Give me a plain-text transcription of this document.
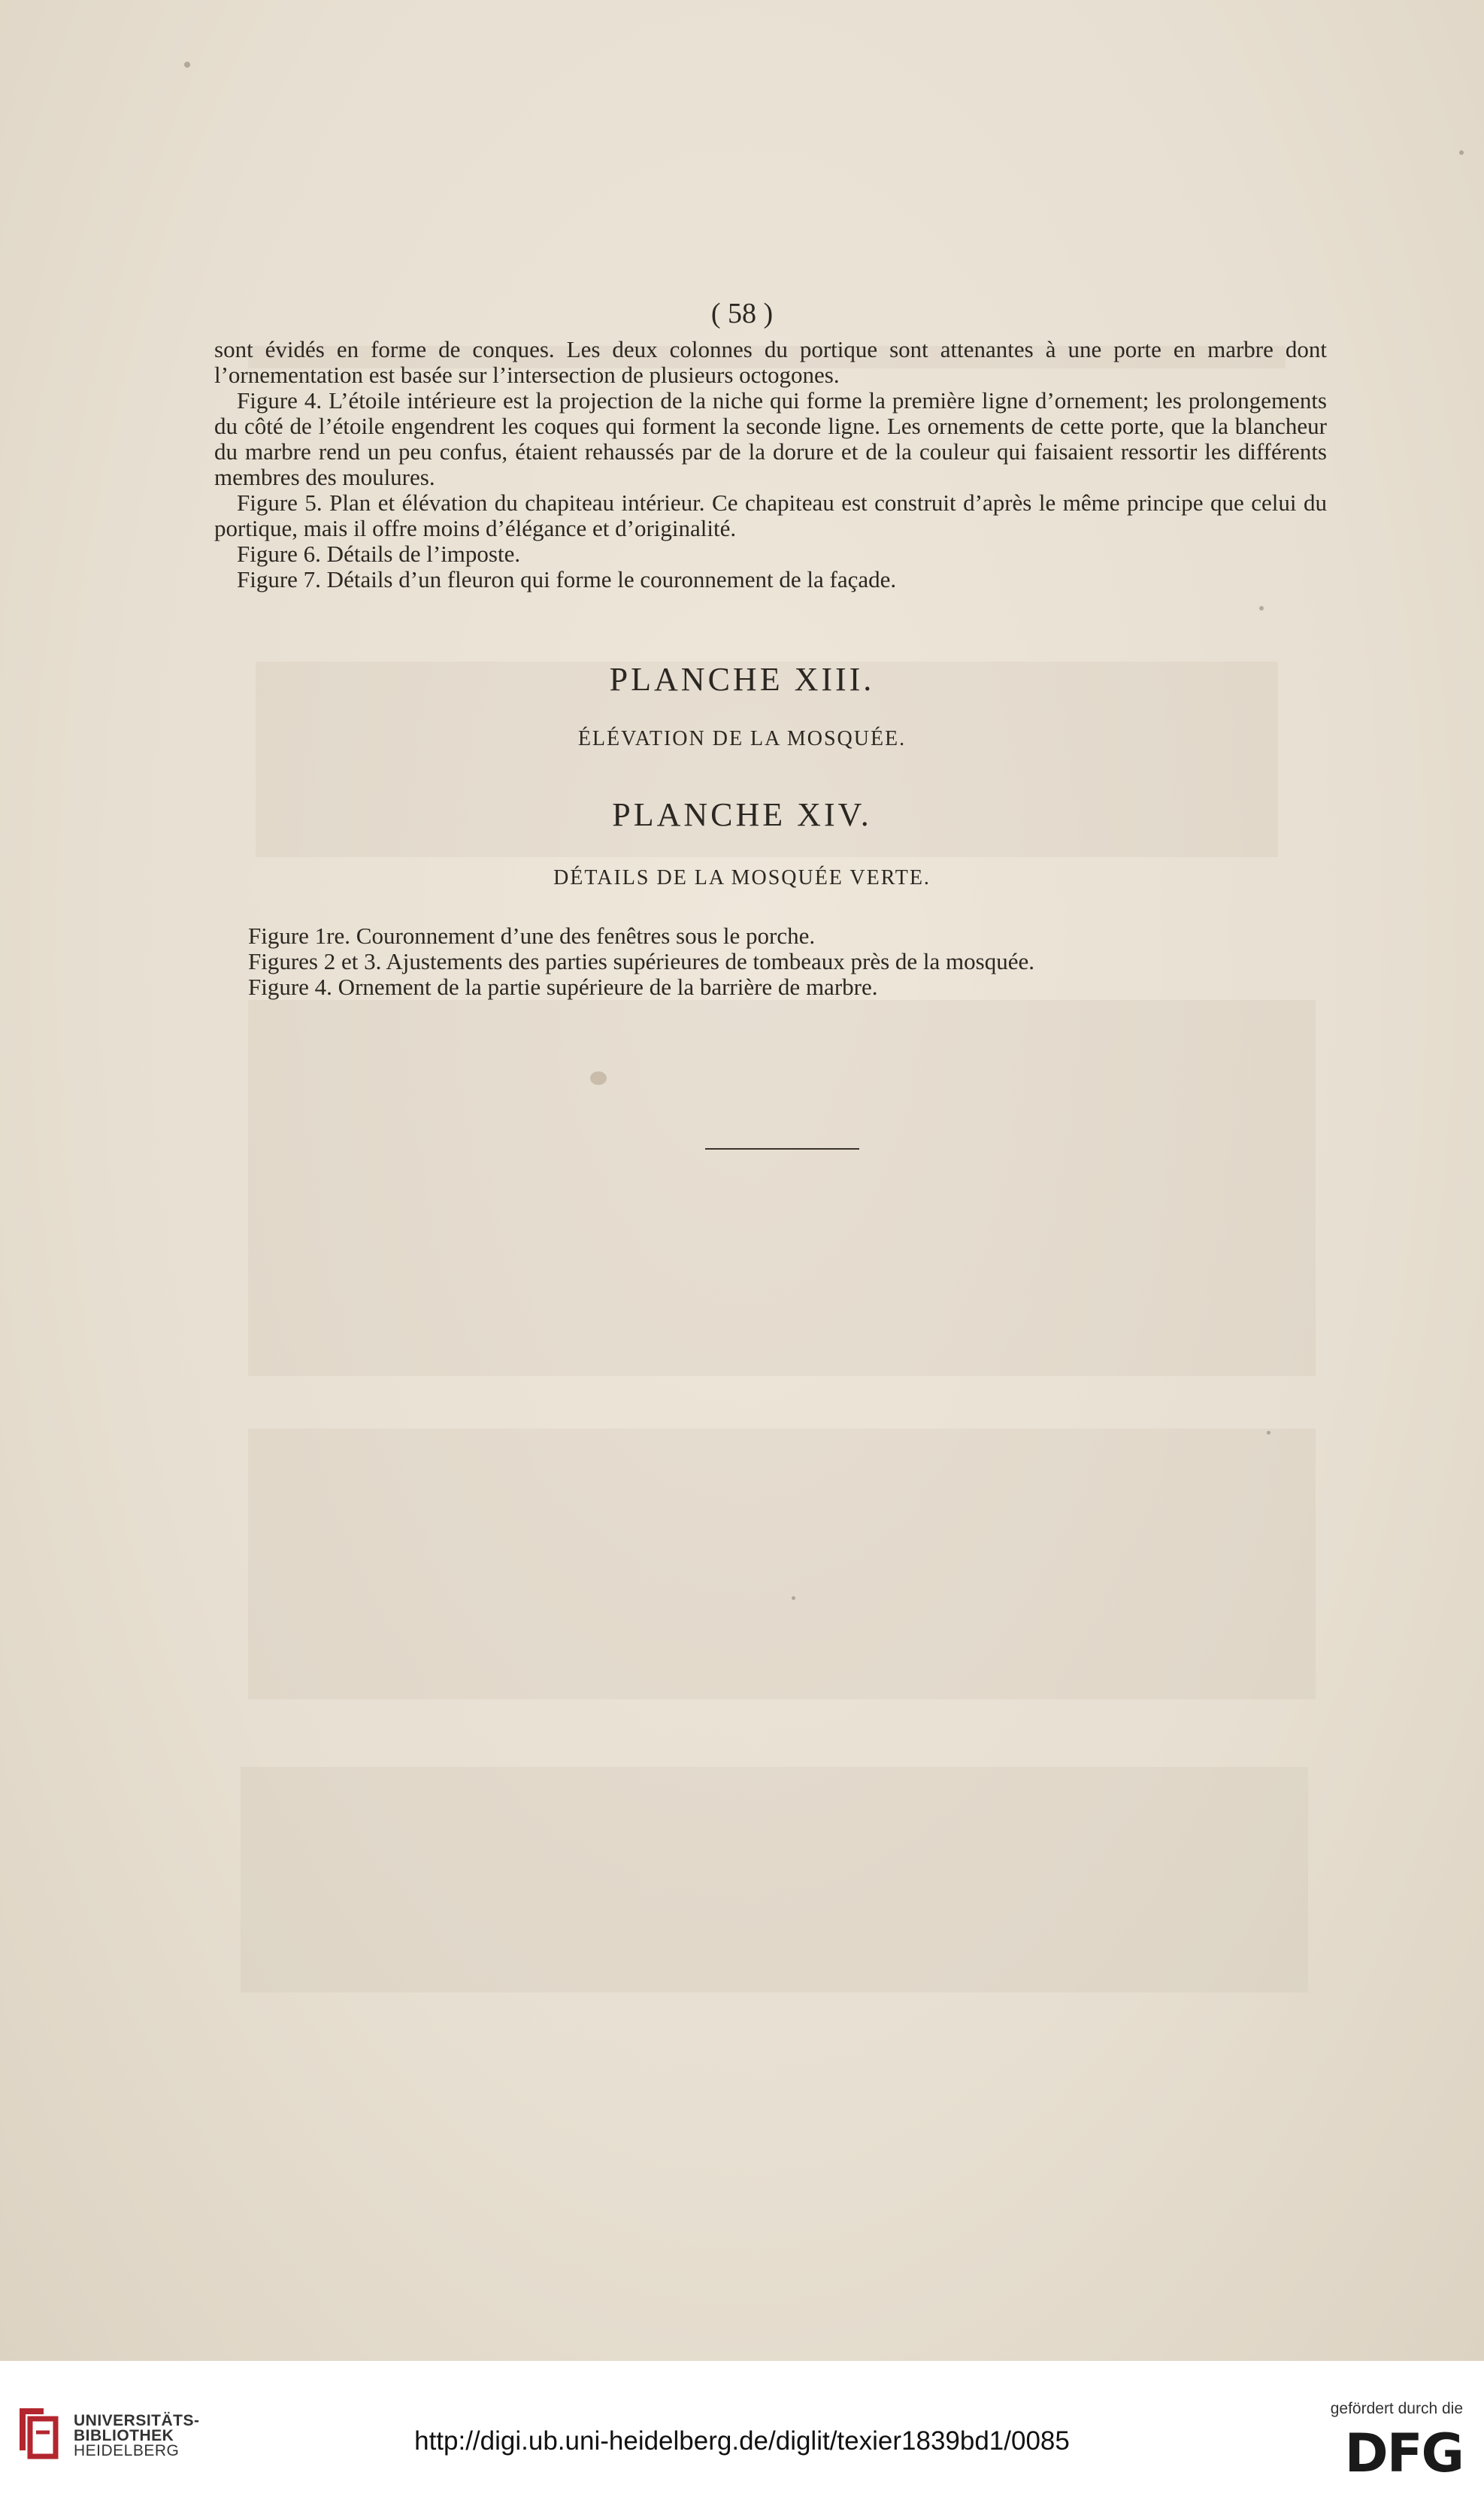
( 58 )

sont évidés en forme de conques. Les deux colonnes du portique sont attenantes à une porte en marbre dont l’ornementation est basée sur l’intersection de plusieurs octogones.

Figure 4. L’étoile intérieure est la projection de la niche qui forme la première ligne d’ornement; les prolongements du côté de l’étoile engendrent les coques qui forment la seconde ligne. Les ornements de cette porte, que la blancheur du marbre rend un peu confus, étaient rehaussés par de la dorure et de la couleur qui faisaient ressortir les différents membres des moulures.

Figure 5. Plan et élévation du chapiteau intérieur. Ce chapiteau est construit d’après le même principe que celui du portique, mais il offre moins d’élégance et d’originalité.

Figure 6. Détails de l’imposte.

Figure 7. Détails d’un fleuron qui forme le couronnement de la façade.

PLANCHE XIII.
ÉLÉVATION DE LA MOSQUÉE.
PLANCHE XIV.
DÉTAILS DE LA MOSQUÉE VERTE.
Figure 1re. Couronnement d’une des fenêtres sous le porche.
Figures 2 et 3. Ajustements des parties supérieures de tombeaux près de la mosquée.
Figure 4. Ornement de la partie supérieure de la barrière de marbre.
UNIVERSITÄTS-
BIBLIOTHEK
HEIDELBERG	http://digi.ub.uni-heidelberg.de/diglit/texier1839bd1/0085
gefördert durch die
DFG
